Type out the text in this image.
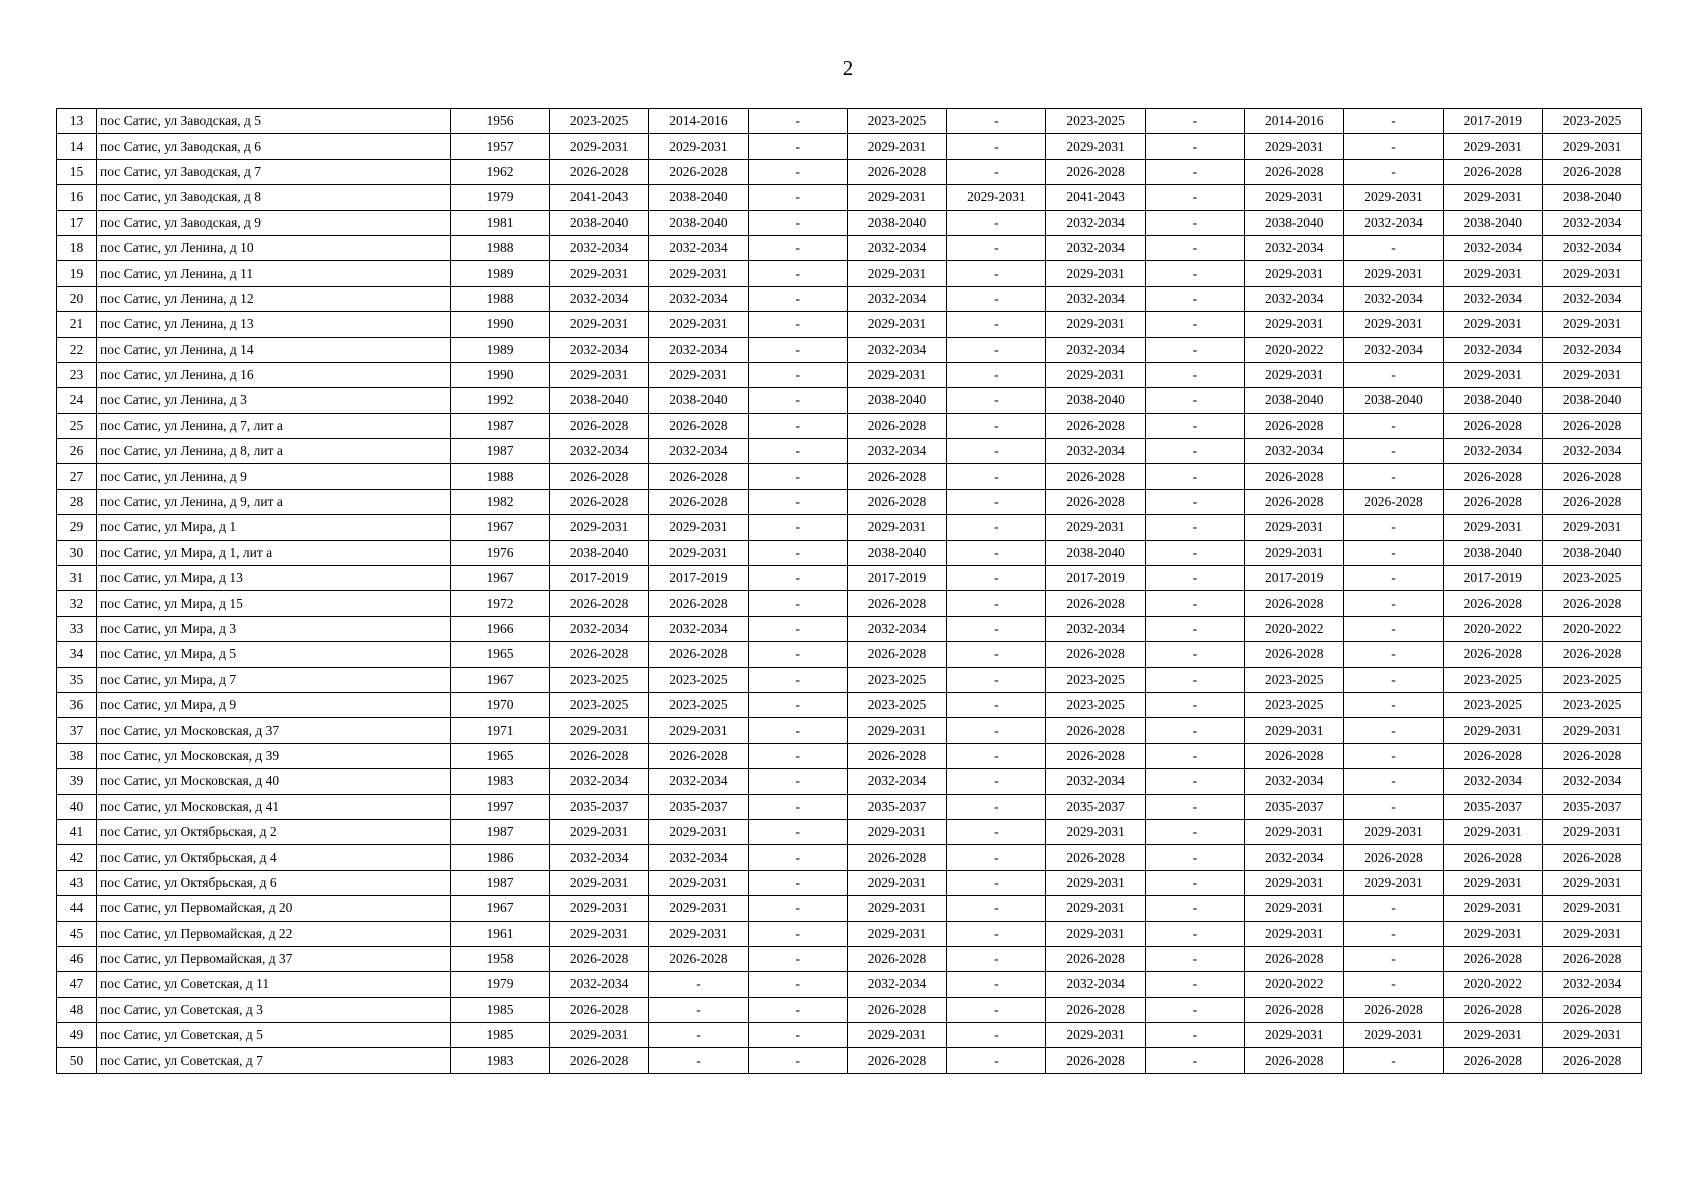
2
13	пос Сатис, ул Заводская, д 5	1956	2023-2025	2014-2016	-	2023-2025	-	2023-2025	-	2014-2016	-	2017-2019	2023-2025
14	пос Сатис, ул Заводская, д 6	1957	2029-2031	2029-2031	-	2029-2031	-	2029-2031	-	2029-2031	-	2029-2031	2029-2031
15	пос Сатис, ул Заводская, д 7	1962	2026-2028	2026-2028	-	2026-2028	-	2026-2028	-	2026-2028	-	2026-2028	2026-2028
16	пос Сатис, ул Заводская, д 8	1979	2041-2043	2038-2040	-	2029-2031	2029-2031	2041-2043	-	2029-2031	2029-2031	2029-2031	2038-2040
17	пос Сатис, ул Заводская, д 9	1981	2038-2040	2038-2040	-	2038-2040	-	2032-2034	-	2038-2040	2032-2034	2038-2040	2032-2034
18	пос Сатис, ул Ленина, д 10	1988	2032-2034	2032-2034	-	2032-2034	-	2032-2034	-	2032-2034	-	2032-2034	2032-2034
19	пос Сатис, ул Ленина, д 11	1989	2029-2031	2029-2031	-	2029-2031	-	2029-2031	-	2029-2031	2029-2031	2029-2031	2029-2031
20	пос Сатис, ул Ленина, д 12	1988	2032-2034	2032-2034	-	2032-2034	-	2032-2034	-	2032-2034	2032-2034	2032-2034	2032-2034
21	пос Сатис, ул Ленина, д 13	1990	2029-2031	2029-2031	-	2029-2031	-	2029-2031	-	2029-2031	2029-2031	2029-2031	2029-2031
22	пос Сатис, ул Ленина, д 14	1989	2032-2034	2032-2034	-	2032-2034	-	2032-2034	-	2020-2022	2032-2034	2032-2034	2032-2034
23	пос Сатис, ул Ленина, д 16	1990	2029-2031	2029-2031	-	2029-2031	-	2029-2031	-	2029-2031	-	2029-2031	2029-2031
24	пос Сатис, ул Ленина, д 3	1992	2038-2040	2038-2040	-	2038-2040	-	2038-2040	-	2038-2040	2038-2040	2038-2040	2038-2040
25	пос Сатис, ул Ленина, д 7, лит а	1987	2026-2028	2026-2028	-	2026-2028	-	2026-2028	-	2026-2028	-	2026-2028	2026-2028
26	пос Сатис, ул Ленина, д 8, лит а	1987	2032-2034	2032-2034	-	2032-2034	-	2032-2034	-	2032-2034	-	2032-2034	2032-2034
27	пос Сатис, ул Ленина, д 9	1988	2026-2028	2026-2028	-	2026-2028	-	2026-2028	-	2026-2028	-	2026-2028	2026-2028
28	пос Сатис, ул Ленина, д 9, лит а	1982	2026-2028	2026-2028	-	2026-2028	-	2026-2028	-	2026-2028	2026-2028	2026-2028	2026-2028
29	пос Сатис, ул Мира, д 1	1967	2029-2031	2029-2031	-	2029-2031	-	2029-2031	-	2029-2031	-	2029-2031	2029-2031
30	пос Сатис, ул Мира, д 1, лит а	1976	2038-2040	2029-2031	-	2038-2040	-	2038-2040	-	2029-2031	-	2038-2040	2038-2040
31	пос Сатис, ул Мира, д 13	1967	2017-2019	2017-2019	-	2017-2019	-	2017-2019	-	2017-2019	-	2017-2019	2023-2025
32	пос Сатис, ул Мира, д 15	1972	2026-2028	2026-2028	-	2026-2028	-	2026-2028	-	2026-2028	-	2026-2028	2026-2028
33	пос Сатис, ул Мира, д 3	1966	2032-2034	2032-2034	-	2032-2034	-	2032-2034	-	2020-2022	-	2020-2022	2020-2022
34	пос Сатис, ул Мира, д 5	1965	2026-2028	2026-2028	-	2026-2028	-	2026-2028	-	2026-2028	-	2026-2028	2026-2028
35	пос Сатис, ул Мира, д 7	1967	2023-2025	2023-2025	-	2023-2025	-	2023-2025	-	2023-2025	-	2023-2025	2023-2025
36	пос Сатис, ул Мира, д 9	1970	2023-2025	2023-2025	-	2023-2025	-	2023-2025	-	2023-2025	-	2023-2025	2023-2025
37	пос Сатис, ул Московская, д 37	1971	2029-2031	2029-2031	-	2029-2031	-	2026-2028	-	2029-2031	-	2029-2031	2029-2031
38	пос Сатис, ул Московская, д 39	1965	2026-2028	2026-2028	-	2026-2028	-	2026-2028	-	2026-2028	-	2026-2028	2026-2028
39	пос Сатис, ул Московская, д 40	1983	2032-2034	2032-2034	-	2032-2034	-	2032-2034	-	2032-2034	-	2032-2034	2032-2034
40	пос Сатис, ул Московская, д 41	1997	2035-2037	2035-2037	-	2035-2037	-	2035-2037	-	2035-2037	-	2035-2037	2035-2037
41	пос Сатис, ул Октябрьская, д 2	1987	2029-2031	2029-2031	-	2029-2031	-	2029-2031	-	2029-2031	2029-2031	2029-2031	2029-2031
42	пос Сатис, ул Октябрьская, д 4	1986	2032-2034	2032-2034	-	2026-2028	-	2026-2028	-	2032-2034	2026-2028	2026-2028	2026-2028
43	пос Сатис, ул Октябрьская, д 6	1987	2029-2031	2029-2031	-	2029-2031	-	2029-2031	-	2029-2031	2029-2031	2029-2031	2029-2031
44	пос Сатис, ул Первомайская, д 20	1967	2029-2031	2029-2031	-	2029-2031	-	2029-2031	-	2029-2031	-	2029-2031	2029-2031
45	пос Сатис, ул Первомайская, д 22	1961	2029-2031	2029-2031	-	2029-2031	-	2029-2031	-	2029-2031	-	2029-2031	2029-2031
46	пос Сатис, ул Первомайская, д 37	1958	2026-2028	2026-2028	-	2026-2028	-	2026-2028	-	2026-2028	-	2026-2028	2026-2028
47	пос Сатис, ул Советская, д 11	1979	2032-2034	-	-	2032-2034	-	2032-2034	-	2020-2022	-	2020-2022	2032-2034
48	пос Сатис, ул Советская, д 3	1985	2026-2028	-	-	2026-2028	-	2026-2028	-	2026-2028	2026-2028	2026-2028	2026-2028
49	пос Сатис, ул Советская, д 5	1985	2029-2031	-	-	2029-2031	-	2029-2031	-	2029-2031	2029-2031	2029-2031	2029-2031
50	пос Сатис, ул Советская, д 7	1983	2026-2028	-	-	2026-2028	-	2026-2028	-	2026-2028	-	2026-2028	2026-2028
